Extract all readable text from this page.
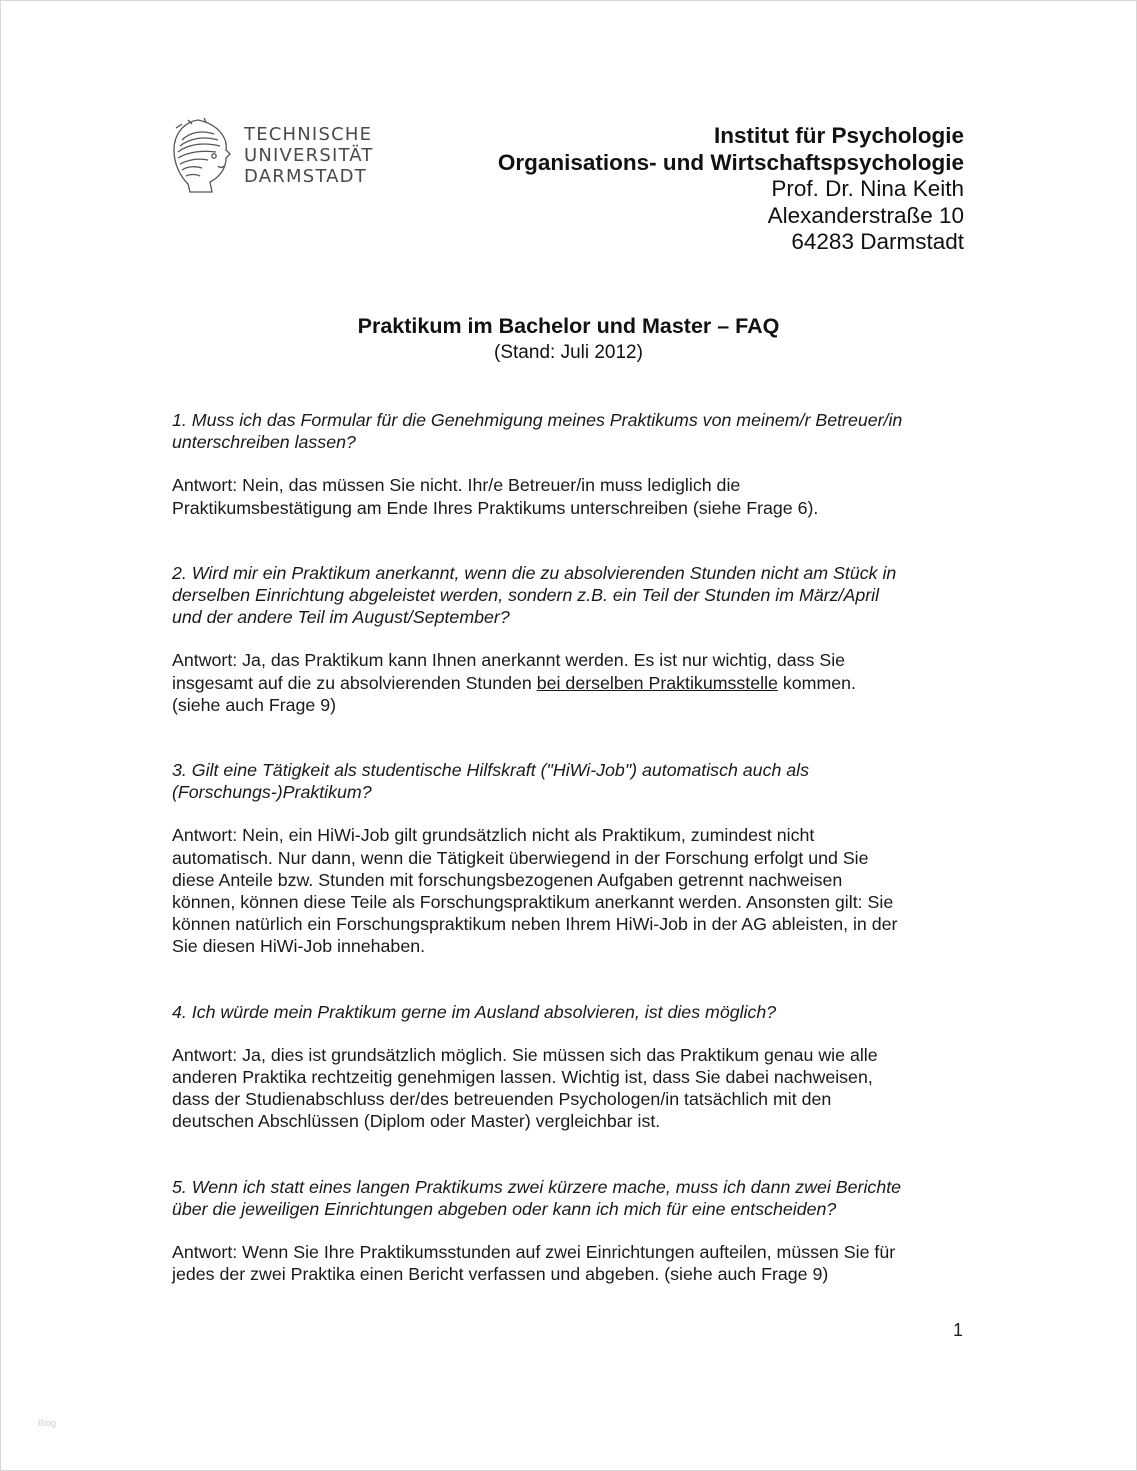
TECHNISCHE
UNIVERSITÄT
DARMSTADT
Institut für Psychologie
Organisations- und Wirtschaftspsychologie
Prof. Dr. Nina Keith
Alexanderstraße 10
64283 Darmstadt
Praktikum im Bachelor und Master – FAQ
(Stand: Juli 2012)

1. Muss ich das Formular für die Genehmigung meines Praktikums von meinem/r Betreuer/in
unterschreiben lassen?

Antwort: Nein, das müssen Sie nicht. Ihr/e Betreuer/in muss lediglich die
Praktikumsbestätigung am Ende Ihres Praktikums unterschreiben (siehe Frage 6).

2. Wird mir ein Praktikum anerkannt, wenn die zu absolvierenden Stunden nicht am Stück in
derselben Einrichtung abgeleistet werden, sondern z.B. ein Teil der Stunden im März/April
und der andere Teil im August/September?

Antwort: Ja, das Praktikum kann Ihnen anerkannt werden. Es ist nur wichtig, dass Sie
insgesamt auf die zu absolvierenden Stunden bei derselben Praktikumsstelle kommen.
(siehe auch Frage 9)

3. Gilt eine Tätigkeit als studentische Hilfskraft ("HiWi-Job") automatisch auch als
(Forschungs-)Praktikum?

Antwort: Nein, ein HiWi-Job gilt grundsätzlich nicht als Praktikum, zumindest nicht
automatisch. Nur dann, wenn die Tätigkeit überwiegend in der Forschung erfolgt und Sie
diese Anteile bzw. Stunden mit forschungsbezogenen Aufgaben getrennt nachweisen
können, können diese Teile als Forschungspraktikum anerkannt werden. Ansonsten gilt: Sie
können natürlich ein Forschungspraktikum neben Ihrem HiWi-Job in der AG ableisten, in der
Sie diesen HiWi-Job innehaben.

4. Ich würde mein Praktikum gerne im Ausland absolvieren, ist dies möglich?

Antwort: Ja, dies ist grundsätzlich möglich. Sie müssen sich das Praktikum genau wie alle
anderen Praktika rechtzeitig genehmigen lassen. Wichtig ist, dass Sie dabei nachweisen,
dass der Studienabschluss der/des betreuenden Psychologen/in tatsächlich mit den
deutschen Abschlüssen (Diplom oder Master) vergleichbar ist.

5. Wenn ich statt eines langen Praktikums zwei kürzere mache, muss ich dann zwei Berichte
über die jeweiligen Einrichtungen abgeben oder kann ich mich für eine entscheiden?

Antwort: Wenn Sie Ihre Praktikumsstunden auf zwei Einrichtungen aufteilen, müssen Sie für
jedes der zwei Praktika einen Bericht verfassen und abgeben. (siehe auch Frage 9)

1
Blog
